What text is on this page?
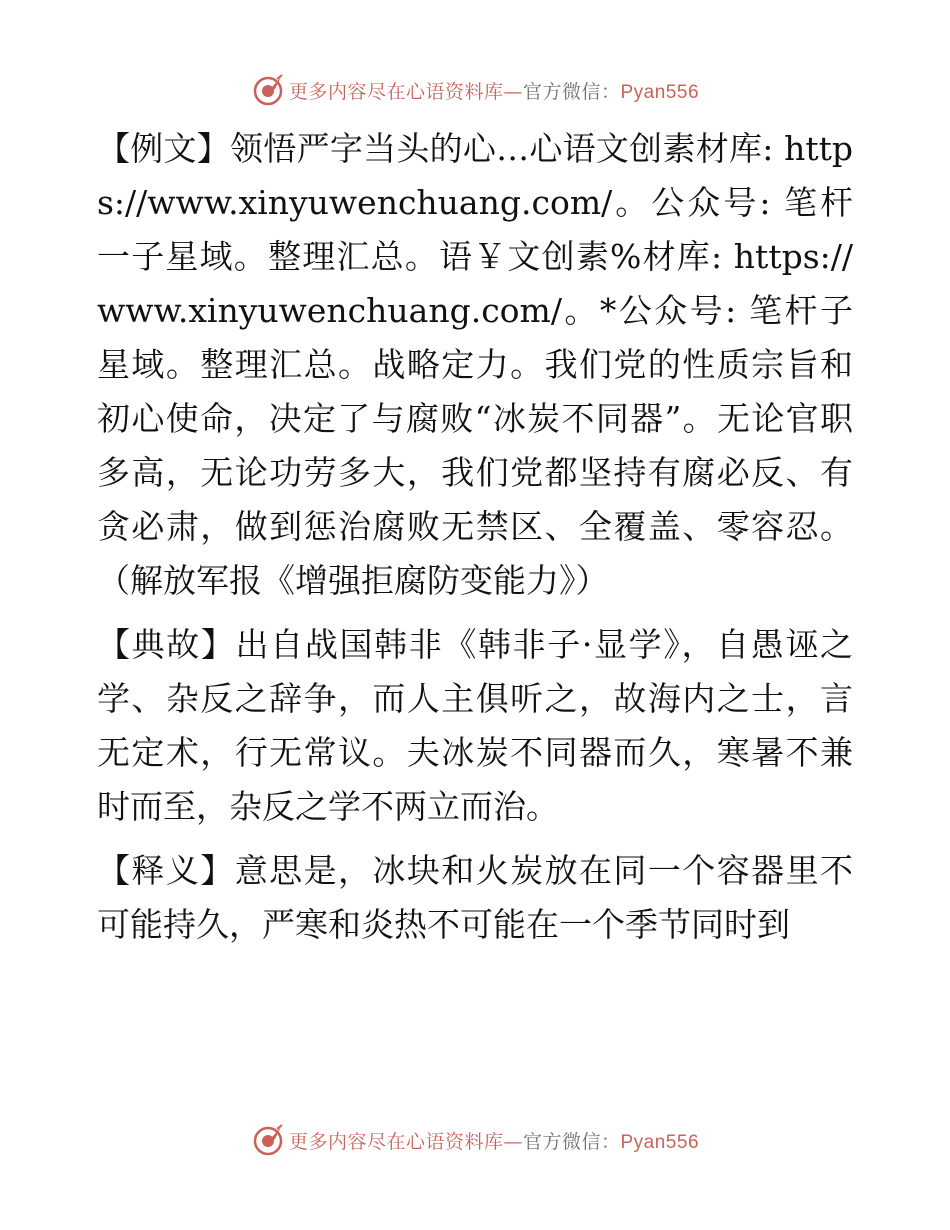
更多内容尽在心语资料库—官方微信：Pyan556

【例文】领悟严字当头的心…心语文创素材库: https://www.xinyuwenchuang.com/。公众号: 笔杆一子星域。整理汇总。语￥文创素%材库: https://www.xinyuwenchuang.com/。*公众号: 笔杆子星域。整理汇总。战略定力。我们党的性质宗旨和初心使命，决定了与腐败“冰炭不同器”。无论官职多高，无论功劳多大，我们党都坚持有腐必反、有贪必肃，做到惩治腐败无禁区、全覆盖、零容忍。（解放军报《增强拒腐防变能力》）

【典故】出自战国韩非《韩非子·显学》，自愚诬之学、杂反之辞争，而人主俱听之，故海内之士，言无定术，行无常议。夫冰炭不同器而久，寒暑不兼时而至，杂反之学不两立而治。

【释义】意思是，冰块和火炭放在同一个容器里不可能持久，严寒和炎热不可能在一个季节同时到

更多内容尽在心语资料库—官方微信：Pyan556
